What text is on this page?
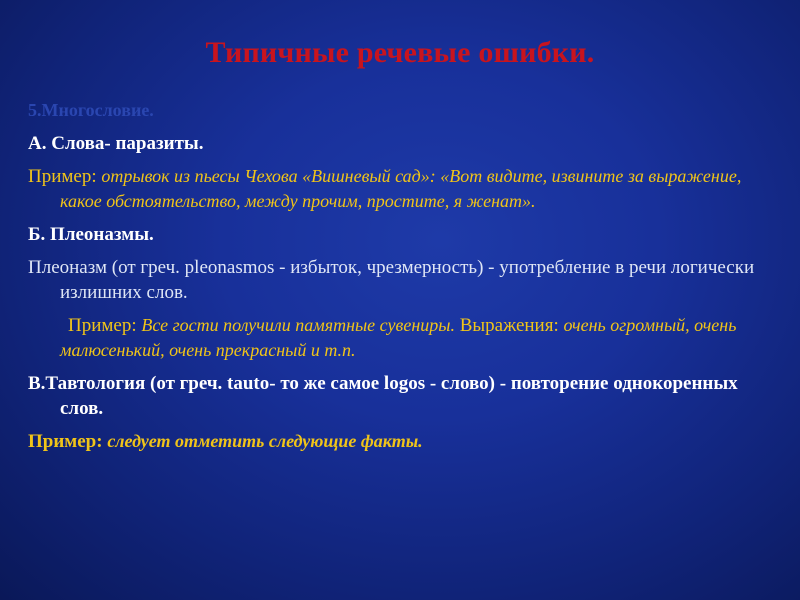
Типичные речевые ошибки.

5.Многословие.

А. Слова- паразиты.

Пример: отрывок из пьесы Чехова «Вишневый сад»: «Вот видите, извините за выражение, какое обстоятельство, между прочим, простите, я женат».

Б. Плеоназмы.

Плеоназм (от греч. pleonasmos - избыток, чрезмерность) - употребление в речи логически излишних слов.

Пример: Все гости получили памятные сувениры. Выражения: очень огромный, очень малюсенький, очень прекрасный и т.п.

В.Тавтология (от греч. tauto- то же самое logos - слово) - повторение однокоренных слов.

Пример: следует отметить следующие факты.
